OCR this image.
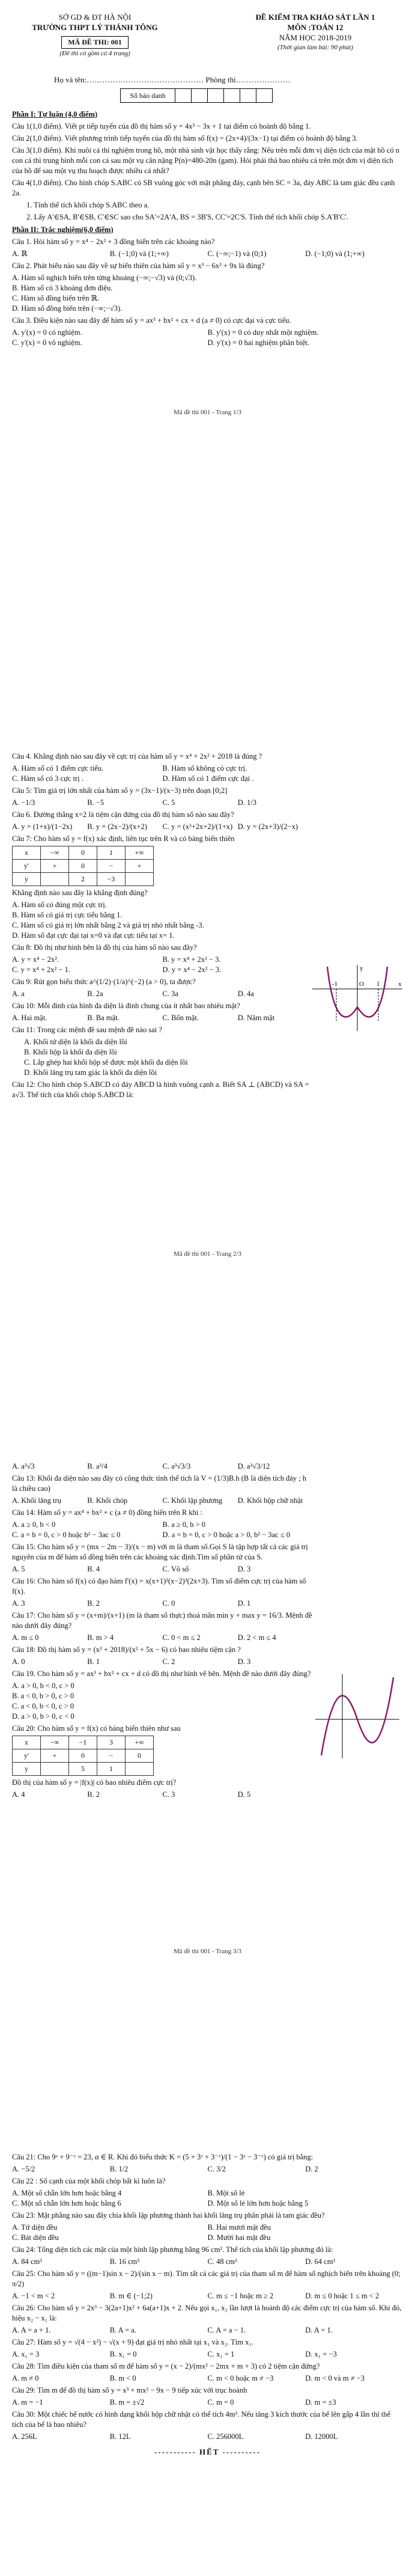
SỞ GD & ĐT HÀ NỘI
TRƯỜNG THPT LÝ THÁNH TÔNG
MÃ ĐỀ THI: 001
(Đề thi có gồm có 4 trang)
ĐỀ KIỂM TRA KHẢO SÁT LẦN 1
MÔN :TOÁN 12
NĂM HỌC 2018-2019
(Thời gian làm bài: 90 phút)
Họ và tên:……………………………………… Phòng thi…………………
Số báo danh

Phần I: Tự luận (4,0 điểm)

Câu 1(1,0 điểm). Viết pt tiếp tuyến của đồ thị hàm số y = 4x³ − 3x + 1 tại điểm có hoành độ bằng 1.

Câu 2(1,0 điểm). Viết phương trình tiếp tuyến của đồ thị hàm số f(x) = (2x+4)/(3x−1) tại điểm có hoành độ bằng 3.

Câu 3(1,0 điểm). Khi nuôi cá thí nghiệm trong hồ, một nhà sinh vật học thấy rằng: Nếu trên mỗi đơn vị diện tích của mặt hồ có n con cá thì trung bình mỗi con cá sau một vụ cân nặng P(n)=480-20n (gam). Hỏi phải thả bao nhiêu cá trên một đơn vị diện tích của hồ để sau một vụ thu hoạch được nhiều cá nhất?

Câu 4(1,0 điểm). Cho hình chóp S.ABC có SB vuông góc với mặt phẳng đáy, cạnh bên SC = 3a, đáy ABC là tam giác đều cạnh 2a.

1. Tính thể tích khối chóp S.ABC theo a.

2. Lấy A'∈SA, B'∈SB, C'∈SC sao cho SA'=2A'A, BS = 3B'S, CC'=2C'S. Tính thể tích khối chóp S.A'B'C'.

Phần II: Trắc nghiệm(6,0 điểm)

Câu 1. Hỏi hàm số y = x⁴ − 2x² + 3 đồng biến trên các khoảng nào?

A. ℝ	B. (−1;0) và (1;+∞)	C. (−∞;−1) và (0;1)	D. (−1;0) và (1;+∞)

Câu 2. Phát biểu nào sau đây về sự biến thiên của hàm số y = x³ − 6x² + 9x là đúng?

A. Hàm số nghịch biến trên từng khoảng (−∞;−√3) và (0;√3).
B. Hàm số có 3 khoảng đơn điệu.
C. Hàm số đồng biến trên ℝ.
D. Hàm số đồng biến trên (−∞;−√3).

Câu 3. Điều kiện nào sau đây để hàm số y = ax³ + bx² + cx + d (a ≠ 0) có cực đại và cực tiểu.

A. y'(x) = 0 có nghiệm.	B. y'(x) = 0 có duy nhất một nghiệm.
C. y'(x) = 0 vô nghiệm.	D. y'(x) = 0 hai nghiệm phân biệt.
Mã đề thi 001 - Trang 1/3

Câu 4. Khẳng định nào sau đây về cực trị của hàm số y = x⁴ + 2x² + 2018 là đúng ?

A. Hàm số có 1 điểm cực tiểu.	B. Hàm số không có cực trị.
C. Hàm số có 3 cực trị .	D. Hàm số có 1 điểm cực đại .

Câu 5: Tìm giá trị lớn nhất của hàm số y = (3x−1)/(x−3) trên đoạn [0;2]

A. −1/3	B. −5	C. 5	D. 1/3

Câu 6. Đường thẳng x=2 là tiệm cận đứng của đồ thị hàm số nào sau đây?

A. y = (1+x)/(1−2x)	B. y = (2x−2)/(x+2)	C. y = (x²+2x+2)/(1+x) D. y = (2x+3)/(2−x)

Câu 7: Cho hàm số y = f(x) xác định, liên tục trên R và có bảng biến thiên

x	−∞	0	1	+∞
y'	+	0	−	+
y		2	−3	

Khẳng định nào sau đây là khẳng định đúng?

A. Hàm số có đúng một cực trị.
B. Hàm số có giá trị cực tiểu bằng 1.
C. Hàm số có giá trị lớn nhất bằng 2 và giá trị nhỏ nhất bằng -3.
D. Hàm số đạt cực đại tại x=0 và đạt cực tiểu tại x= 1.

Câu 8: Đồ thị như hình bên là đồ thị của hàm số nào sau đây?

A. y = x⁴ − 2x².	B. y = x⁴ + 2x² − 3.
C. y = x⁴ + 2x² − 1.	D. y = x⁴ − 2x² − 3.

Câu 9: Rút gọn biểu thức a^(1/2)·(1/a)^(−2) (a > 0), ta được?

A. a	B. 2a	C. 3a	D. 4a

Câu 10: Mỗi đỉnh của hình đa diện là đỉnh chung của ít nhất bao nhiêu mặt?

A. Hai mặt.	B. Ba mặt.	C. Bốn mặt.	D. Năm mặt

Câu 11: Trong các mệnh đề sau mệnh đề nào sai ?

A. Khối tứ diện là khối đa diện lồi
B. Khối hộp là khối đa diện lồi
C. Lắp ghép hai khối hộp sẽ được một khối đa diện lồi
D. Khối lăng trụ tam giác là khối đa diện lồi

Câu 12: Cho hình chóp S.ABCD có đáy ABCD là hình vuông cạnh a. Biết SA ⊥ (ABCD) và SA = a√3. Thể tích của khối chóp S.ABCD là:

-1	O 1	x
y
Mã đề thi 001 - Trang 2/3
A. a³√3	B. a³/4	C. a³√3/3	D. a³√3/12

Câu 13: Khối đa diện nào sau đây có công thức tính thể tích là V = (1/3)B.h (B là diện tích đáy ; h là chiều cao)

A. Khối lăng trụ	B. Khối chóp	C. Khối lập phương	D. Khối hộp chữ nhật

Câu 14: Hàm số y = ax⁴ + bx² + c (a ≠ 0) đồng biến trên R khi :

A. a ≥ 0, b < 0	B. a ≥ 0, b > 0
C. a = b = 0, c > 0 hoặc b² − 3ac ≤ 0	D. a = b = 0, c > 0 hoặc a > 0, b² − 3ac ≤ 0

Câu 15: Cho hàm số y = (mx − 2m − 3)/(x − m) với m là tham số.Gọi S là tập hợp tất cả các giá trị nguyên của m để hàm số đồng biến trên các khoảng xác định.Tìm số phần tử của S.

A. 5	B. 4	C. Vô số	D. 3

Câu 16: Cho hàm số f(x) có đạo hàm f'(x) = x(x+1)²(x−2)³(2x+3). Tìm số điểm cực trị của hàm số f(x).

A. 3	B. 2	C. 0	D. 1

Câu 17: Cho hàm số y = (x+m)/(x+1) (m là tham số thực) thoả mãn min y + max y = 16/3. Mệnh đề nào dưới đây đúng?

A. m ≤ 0	B. m > 4	C. 0 < m ≤ 2	D. 2 < m ≤ 4

Câu 18: Đồ thị hàm số y = (x² + 2018)/(x² + 5x − 6) có bao nhiêu tiệm cận ?

A. 0	B. 1	C. 2	D. 3

Câu 19. Cho hàm số y = ax³ + bx² + cx + d có đồ thị như hình vẽ bên. Mệnh đề nào dưới đây đúng?

A. a > 0, b < 0, c > 0
B. a < 0, b > 0, c > 0
C. a < 0, b < 0, c > 0
D. a > 0, b > 0, c < 0

Câu 20: Cho hàm số y = f(x) có bảng biến thiên như sau

x	−∞	−1	3	+∞
y'	+	0	−	0
y		5	1	

Đồ thị của hàm số y = |f(x)| có bao nhiêu điểm cực trị?

A. 4	B. 2	C. 3	D. 5
Mã đề thi 001 - Trang 3/3

Câu 21: Cho 9ˣ + 9⁻ˣ = 23, α ∈ R. Khi đó biểu thức K = (5 + 3ˣ + 3⁻ˣ)/(1 − 3ˣ − 3⁻ˣ) có giá trị bằng:

A. −5/2	B. 1/2	C. 3/2	D. 2

Câu 22 : Số cạnh của một khối chóp bất kì luôn là?

A. Một số chẵn lớn hơn hoặc bằng 4	B. Một số lẻ
C. Một số chẵn lớn hơn hoặc bằng 6	D. Một số lẻ lớn hơn hoặc bằng 5

Câu 23: Mặt phẳng nào sau đây chia khối lập phương thành hai khối lăng trụ phân phải là tam giác đều?

A. Tứ diện đều	B. Hai mươi mặt đều
C. Bát diện đều	D. Mười hai mặt đều

Câu 24: Tổng diện tích các mặt của một hình lập phương bằng 96 cm². Thể tích của khối lập phương đó là:

A. 84 cm³	B. 16 cm³	C. 48 cm³	D. 64 cm³

Câu 25: Cho hàm số y = ((m−1)sin x − 2)/(sin x − m). Tìm tất cả các giá trị của tham số m để hàm số nghịch biến trên khoảng (0; π/2)

A. −1 < m < 2	B. m ∈ (−1;2)	C. m ≤ −1 hoặc m ≥ 2	D. m ≤ 0 hoặc 1 ≤ m < 2

Câu 26: Cho hàm số y = 2x³ − 3(2a+1)x² + 6a(a+1)x + 2. Nếu gọi x₁, x₂ lần lượt là hoành độ các điểm cực trị của hàm số. Khi đó, hiệu x₂ − x₁ là:

A. A = a + 1.	B. A = a.	C. A = a − 1.	D. A = 1.

Câu 27: Hàm số y = √(4 − x²) − √(x + 9) đạt giá trị nhỏ nhất tại x₁ và x₂. Tìm x₁.

A. x₁ = 3	B. x₁ = 0	C. x₁ = 1	D. x₁ = −3

Câu 28: Tìm điều kiện của tham số m để hàm số y = (x − 2)/(mx² − 2mx + m + 3) có 2 tiệm cận đứng?

A. m ≠ 0	B. m < 0	C. m < 0 hoặc m ≠ −3	D. m < 0 và m ≠ −3

Câu 29: Tìm m để đồ thị hàm số y = x³ + mx² − 9x − 9 tiếp xúc với trục hoành

A. m = −1	B. m = ±√2	C. m = 0	D. m = ±3

Câu 30: Một chiếc bể nước có hình dạng khối hộp chữ nhật có thể tích 4m³. Nếu tăng 3 kích thước của bể lên gấp 4 lần thì thể tích của bể là bao nhiêu?

A. 256L	B. 12L	C. 256000L	D. 12000L

----------- HẾT ----------
